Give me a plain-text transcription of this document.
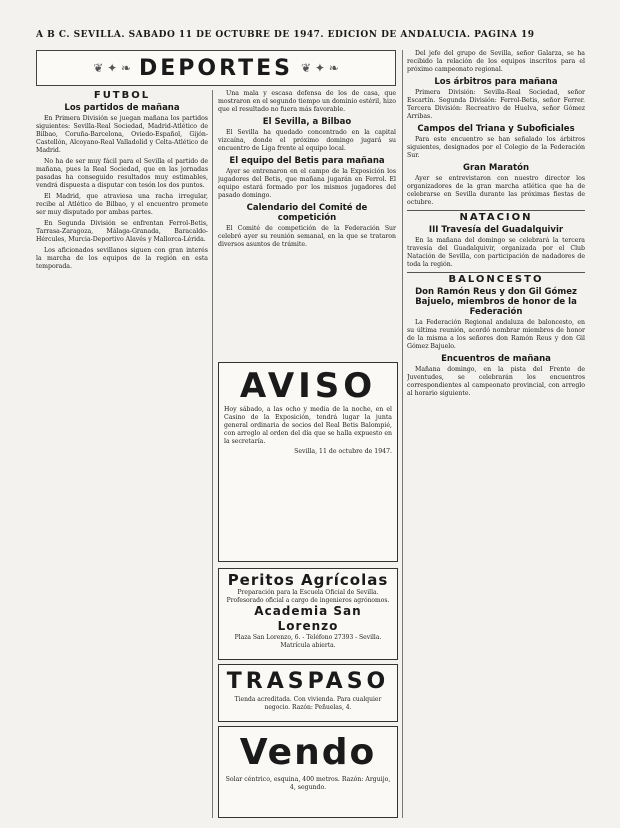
A B C. SEVILLA. SABADO 11 DE OCTUBRE DE 1947. EDICION DE ANDALUCIA. PAGINA 19
❦ ✦ ❧ DEPORTES ❦ ✦ ❧
FUTBOL
Los partidos de mañana

En Primera División se juegan mañana los partidos siguientes: Sevilla-Real Sociedad, Madrid-Atlético de Bilbao, Coruña-Barcelona, Oviedo-Español, Gijón-Castellón, Alcoyano-Real Valladolid y Celta-Atlético de Madrid.

No ha de ser muy fácil para el Sevilla el partido de mañana, pues la Real Sociedad, que en las jornadas pasadas ha conseguido resultados muy estimables, vendrá dispuesta a disputar con tesón los dos puntos.

El Madrid, que atraviesa una racha irregular, recibe al Atlético de Bilbao, y el encuentro promete ser muy disputado por ambas partes.

En Segunda División se enfrentan Ferrol-Betis, Tarrasa-Zaragoza, Málaga-Granada, Baracaldo-Hércules, Murcia-Deportivo Alavés y Mallorca-Lérida.

Los aficionados sevillanos siguen con gran interés la marcha de los equipos de la región en esta temporada.

Una mala y escasa defensa de los de casa, que mostraron en el segundo tiempo un dominio estéril, hizo que el resultado no fuera más favorable.

El Sevilla, a Bilbao

El Sevilla ha quedado concentrado en la capital vizcaína, donde el próximo domingo jugará su encuentro de Liga frente al equipo local.

El equipo del Betis para mañana

Ayer se entrenaron en el campo de la Exposición los jugadores del Betis, que mañana jugarán en Ferrol. El equipo estará formado por los mismos jugadores del pasado domingo.

Calendario del Comité de competición

El Comité de competición de la Federación Sur celebró ayer su reunión semanal, en la que se trataron diversos asuntos de trámite.

AVISO
Hoy sábado, a las ocho y media de la noche, en el Casino de la Exposición, tendrá lugar la junta general ordinaria de socios del Real Betis Balompié, con arreglo al orden del día que se halla expuesto en la secretaría.
Sevilla, 11 de octubre de 1947.
Peritos Agrícolas
Preparación para la Escuela Oficial de Sevilla. Profesorado oficial a cargo de ingenieros agrónomos.
Academia San Lorenzo
Plaza San Lorenzo, 6. - Teléfono 27393 - Sevilla. Matrícula abierta.
TRASPASO
Tienda acreditada. Con vivienda. Para cualquier negocio. Razón: Peñuelas, 4.
Vendo
Solar céntrico, esquina, 400 metros. Razón: Arguijo, 4, segundo.

Del jefe del grupo de Sevilla, señor Galarza, se ha recibido la relación de los equipos inscritos para el próximo campeonato regional.

Los árbitros para mañana

Primera División: Sevilla-Real Sociedad, señor Escartín. Segunda División: Ferrol-Betis, señor Ferrer. Tercera División: Recreativo de Huelva, señor Gómez Arribas.

Campos del Triana y Suboficiales

Para este encuentro se han señalado los árbitros siguientes, designados por el Colegio de la Federación Sur.

Gran Maratón

Ayer se entrevistaron con nuestro director los organizadores de la gran marcha atlética que ha de celebrarse en Sevilla durante las próximas fiestas de octubre.

NATACION
III Travesía del Guadalquivir

En la mañana del domingo se celebrará la tercera travesía del Guadalquivir, organizada por el Club Natación de Sevilla, con participación de nadadores de toda la región.

BALONCESTO
Don Ramón Reus y don Gil Gómez Bajuelo, miembros de honor de la Federación

La Federación Regional andaluza de baloncesto, en su última reunión, acordó nombrar miembros de honor de la misma a los señores don Ramón Reus y don Gil Gómez Bajuelo.

Encuentros de mañana

Mañana domingo, en la pista del Frente de Juventudes, se celebrarán los encuentros correspondientes al campeonato provincial, con arreglo al horario siguiente.
